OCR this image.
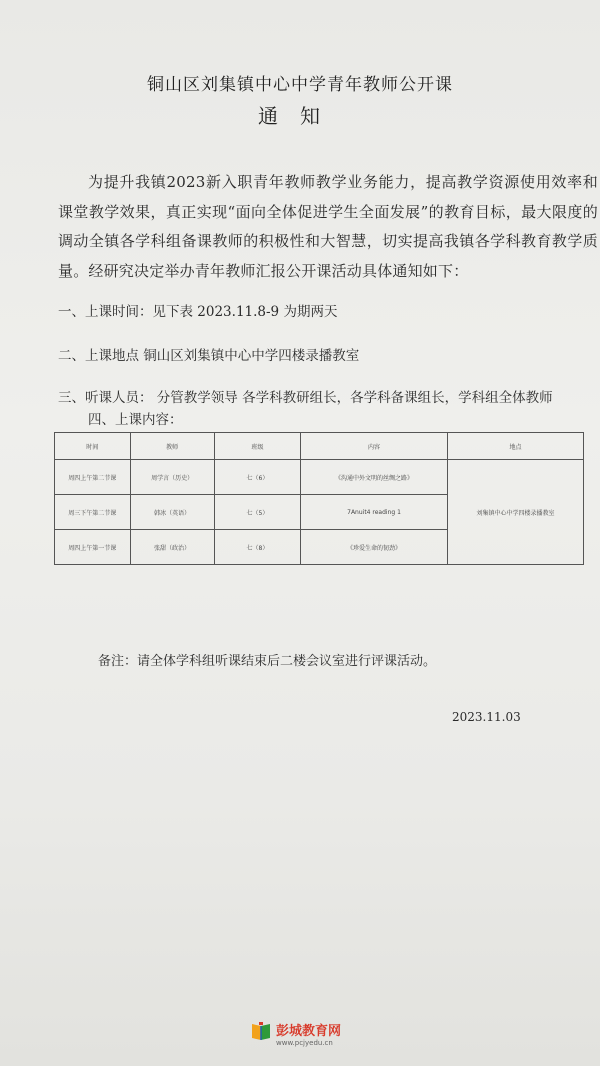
铜山区刘集镇中心中学青年教师公开课
通知
为提升我镇2023新入职青年教师教学业务能力，提高教学资源使用效率和课堂教学效果，真正实现“面向全体促进学生全面发展”的教育目标，最大限度的调动全镇各学科组备课教师的积极性和大智慧，切实提高我镇各学科教育教学质量。经研究决定举办青年教师汇报公开课活动具体通知如下：
一、上课时间：见下表 2023.11.8-9 为期两天
二、上课地点 铜山区刘集镇中心中学四楼录播教室
三、听课人员： 分管教学领导 各学科教研组长，各学科备课组长，学科组全体教师
四、上课内容：
时间	教师	班级	内容	地点
周四上午第二节课	周学言（历史）	七（6）	《沟通中外文明的丝绸之路》	刘集镇中心中学四楼录播教室
周三下午第二节课	韩冰（英语）	七（5）	7Anuit4 reading 1	
周四上午第一节课	张甜（政治）	七（8）	《珍爱生命的韧劲》	
备注：请全体学科组听课结束后二楼会议室进行评课活动。
2023.11.03
彭城教育网
www.pcjyedu.cn
